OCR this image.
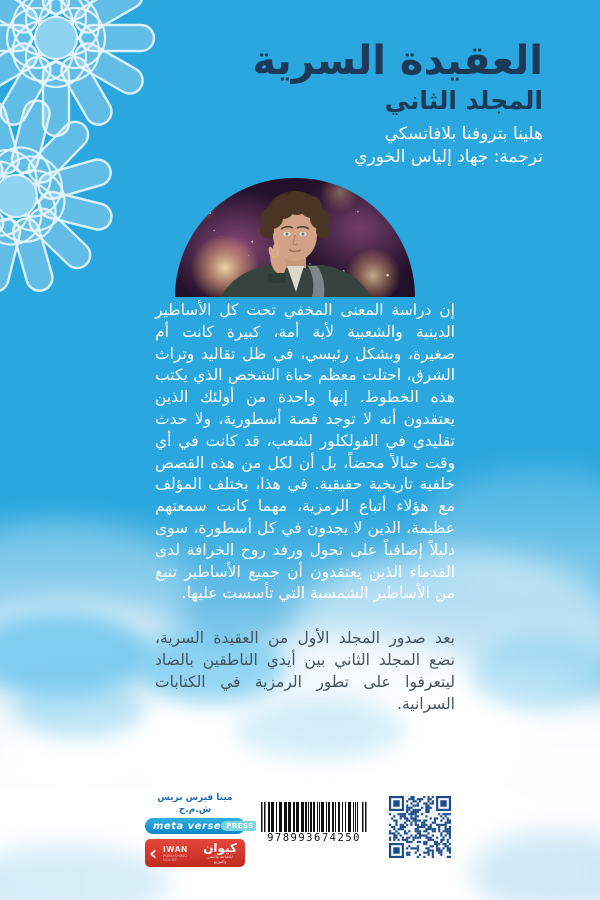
العقيدة السرية
المجلد الثاني
هلينا بتروفنا بلافاتسكي
ترجمة: جهاد إلياس الخوري

إن دراسة المعنى المخفي تحت كل الأساطير الدينية والشعبية لأية أمة، كبيرة كانت أم صغيرة، وبشكل رئيسي، في ظل تقاليد وتراث الشرق، احتلت معظم حياة الشخص الذي يكتب هذه الخطوط. إنها واحدة من أولئك الذين يعتقدون أنه لا توجد قصة أسطورية، ولا حدث تقليدي في الفولكلور لشعب، قد كانت في أي وقت خيالاً محضاً، بل أن لكل من هذه القصص خلفية تاريخية حقيقية. في هذا، يختلف المؤلف مع هؤلاء أتباع الرمزية، مهما كانت سمعتهم عظيمة، الذين لا يجدون في كل أسطورة، سوى دليلاً إضافياً على تحول ورفد روح الخرافة لدى القدماء الذين يعتقدون أن جميع الأساطير تنبع من الأساطير الشمسية التي تأسست عليها.

بعد صدور المجلد الأول من العقيدة السرية، نضع المجلد الثاني بين أيدي الناطقين بالضاد ليتعرفوا على تطور الرمزية في الكتابات السرانية.

ميتا فيرس بريس ش.م.ح
meta verse PRESS
‹ IWAN
PUBLISHING HOUSE
كيوان
للطباعة والنشر والتوزيع
978993674250
